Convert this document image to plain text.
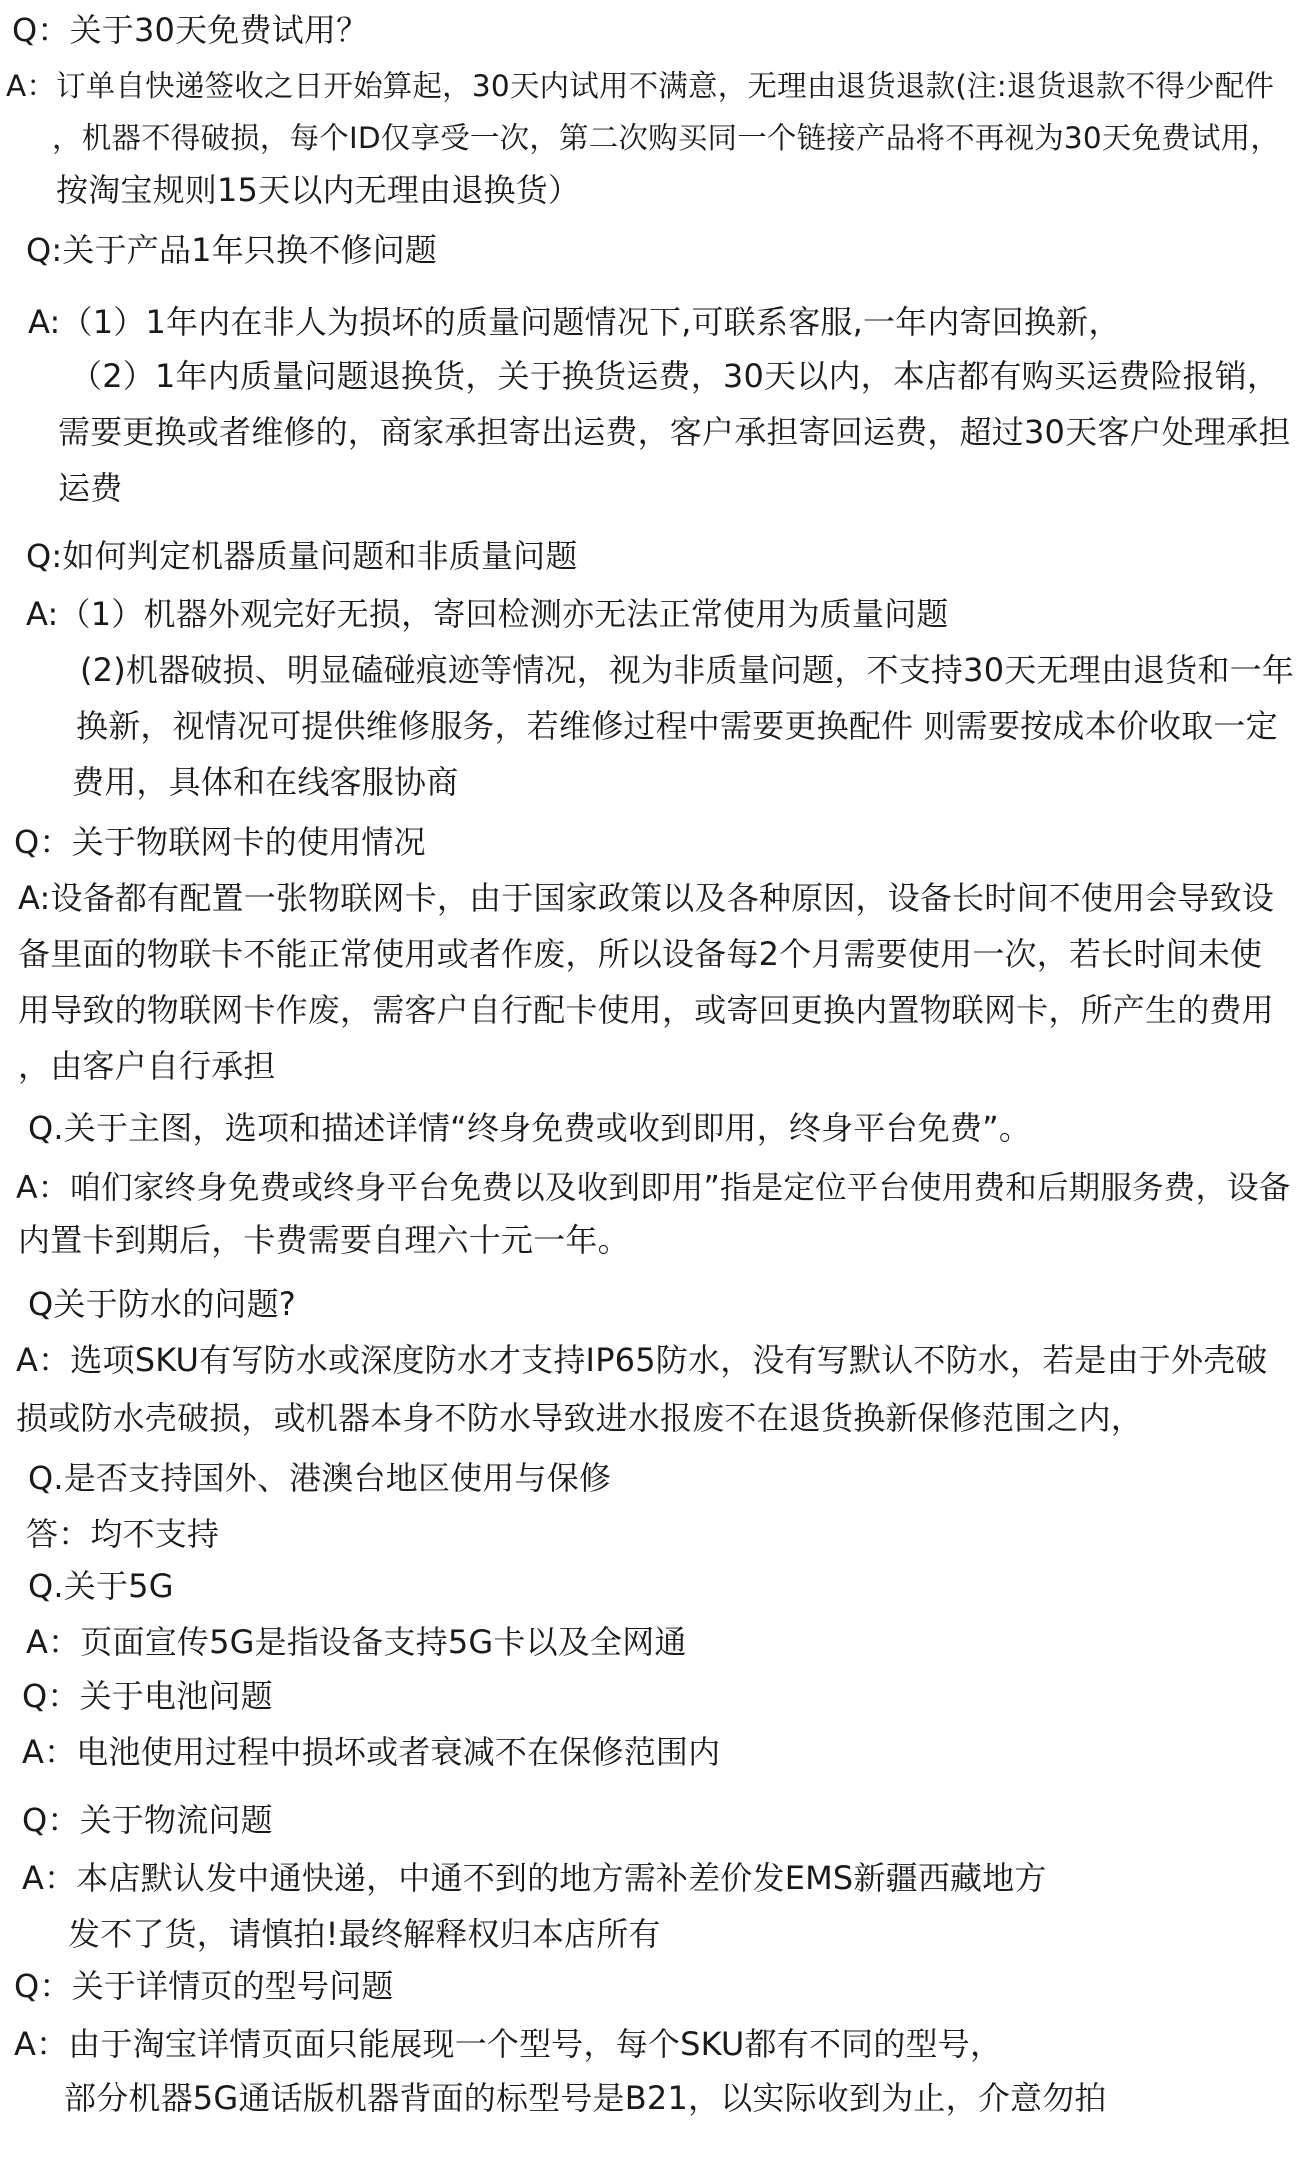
Q：关于30天免费试用？
A：订单自快递签收之日开始算起，30天内试用不满意，无理由退货退款(注:退货退款不得少配件
，机器不得破损，每个ID仅享受一次，第二次购买同一个链接产品将不再视为30天免费试用，
按淘宝规则15天以内无理由退换货）
Q:关于产品1年只换不修问题
A:（1）1年内在非人为损坏的质量问题情况下,可联系客服,一年内寄回换新，
（2）1年内质量问题退换货，关于换货运费，30天以内，本店都有购买运费险报销，
需要更换或者维修的，商家承担寄出运费，客户承担寄回运费，超过30天客户处理承担
运费
Q:如何判定机器质量问题和非质量问题
A:（1）机器外观完好无损，寄回检测亦无法正常使用为质量问题
(2)机器破损、明显磕碰痕迹等情况，视为非质量问题，不支持30天无理由退货和一年
换新，视情况可提供维修服务，若维修过程中需要更换配件 则需要按成本价收取一定
费用，具体和在线客服协商
Q：关于物联网卡的使用情况
A:设备都有配置一张物联网卡，由于国家政策以及各种原因，设备长时间不使用会导致设
备里面的物联卡不能正常使用或者作废，所以设备每2个月需要使用一次，若长时间未使
用导致的物联网卡作废，需客户自行配卡使用，或寄回更换内置物联网卡，所产生的费用
，由客户自行承担
Q.关于主图，选项和描述详情“终身免费或收到即用，终身平台免费”。
A：咱们家终身免费或终身平台免费以及收到即用”指是定位平台使用费和后期服务费，设备
内置卡到期后，卡费需要自理六十元一年。
Q关于防水的问题?
A：选项SKU有写防水或深度防水才支持IP65防水，没有写默认不防水，若是由于外壳破
损或防水壳破损，或机器本身不防水导致进水报废不在退货换新保修范围之内，
Q.是否支持国外、港澳台地区使用与保修
答：均不支持
Q.关于5G
A：页面宣传5G是指设备支持5G卡以及全网通
Q：关于电池问题
A：电池使用过程中损坏或者衰减不在保修范围内
Q：关于物流问题
A：本店默认发中通快递，中通不到的地方需补差价发EMS新疆西藏地方
发不了货，请慎拍!最终解释权归本店所有
Q：关于详情页的型号问题
A：由于淘宝详情页面只能展现一个型号，每个SKU都有不同的型号，
部分机器5G通话版机器背面的标型号是B21，以实际收到为止，介意勿拍
